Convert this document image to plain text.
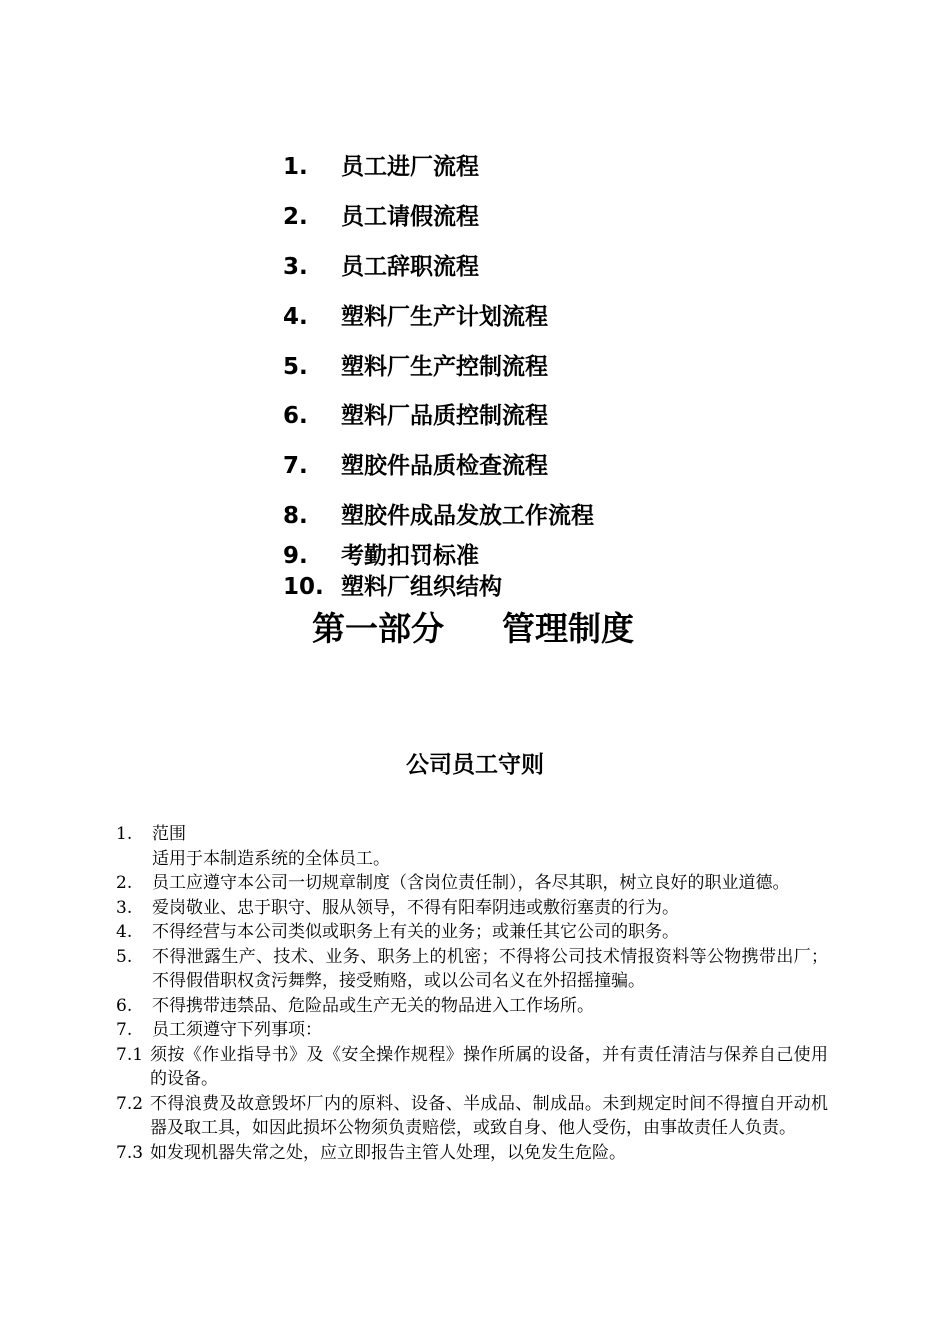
1. 员工进厂流程
2. 员工请假流程
3. 员工辞职流程
4. 塑料厂生产计划流程
5. 塑料厂生产控制流程
6. 塑料厂品质控制流程
7. 塑胶件品质检查流程
8. 塑胶件成品发放工作流程
9. 考勤扣罚标准
10. 塑料厂组织结构
第一部分 管理制度
公司员工守则
1. 范围
适用于本制造系统的全体员工。
2. 员工应遵守本公司一切规章制度（含岗位责任制），各尽其职，树立良好的职业道德。
3. 爱岗敬业、忠于职守、服从领导，不得有阳奉阴违或敷衍塞责的行为。
4. 不得经营与本公司类似或职务上有关的业务；或兼任其它公司的职务。
5. 不得泄露生产、技术、业务、职务上的机密；不得将公司技术情报资料等公物携带出厂；不得假借职权贪污舞弊，接受贿赂，或以公司名义在外招摇撞骗。
6. 不得携带违禁品、危险品或生产无关的物品进入工作场所。
7. 员工须遵守下列事项：
7.1 须按《作业指导书》及《安全操作规程》操作所属的设备，并有责任清洁与保养自己使用的设备。
7.2 不得浪费及故意毁坏厂内的原料、设备、半成品、制成品。未到规定时间不得擅自开动机器及取工具，如因此损坏公物须负责赔偿，或致自身、他人受伤，由事故责任人负责。
7.3 如发现机器失常之处，应立即报告主管人处理，以免发生危险。
